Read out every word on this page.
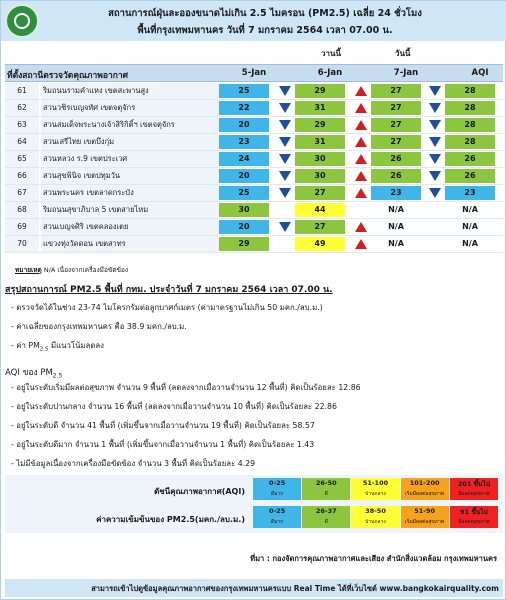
สถานการณ์ฝุ่นละอองขนาดไม่เกิน 2.5 ไมครอน (PM2.5) เฉลี่ย 24 ชั่วโมง
พื้นที่กรุงเทพมหานคร วันที่ 7 มกราคม 2564 เวลา 07.00 น.
วานนี้	วันนี้
ที่ตั้งสถานีตรวจวัดคุณภาพอากาศ	5-Jan	6-Jan	7-Jan	AQI
61	ริมถนนรามคำแหง เขตสะพานสูง	25	29	27	28
62	สวนวชิรเบญจทัศ เขตจตุจักร	22	31	27	28
63	สวนสมเด็จพระนางเจ้าสิริกิติ์ฯ เขตจตุจักร	20	29	27	28
64	สวนเสรีไทย เขตบึงกุ่ม	23	31	27	28
65	สวนหลวง ร.9 เขตประเวศ	24	30	26	26
66	สวนสุขพินิจ เขตปทุมวัน	20	30	26	26
67	สวนพระนคร เขตลาดกระบัง	25	27	23	23
68	ริมถนนสุขาภิบาล 5 เขตสายไหม	30	44	N/A	N/A
69	สวนเบญจศิริ เขตคลองเตย	20	27	N/A	N/A
70	แขวงทุ่งวัดดอน เขตสาทร	29	49	N/A	N/A
หมายเหตุ N/A เนื่องจากเครื่องมือขัดข้อง
สรุปสถานการณ์ PM2.5 พื้นที่ กทม. ประจำวันที่ 7 มกราคม 2564 เวลา 07.00 น.
- ตรวจวัดได้ในช่วง 23-74 ไมโครกรัมต่อลูกบาศก์เมตร (ค่ามาตรฐานไม่เกิน 50 มคก./ลบ.ม.)
- ค่าเฉลี่ยของกรุงเทพมหานคร คือ 38.9 มคก./ลบ.ม.
- ค่า $PM_{2.5}$ มีแนวโน้มลดลง
AQI ของ $PM_{2.5}$
- อยู่ในระดับเริ่มมีผลต่อสุขภาพ จำนวน 9 พื้นที่ (ลดลงจากเมื่อวานจำนวน 12 พื้นที่) คิดเป็นร้อยละ 12.86
- อยู่ในระดับปานกลาง จำนวน 16 พื้นที่ (ลดลงจากเมื่อวานจำนวน 10 พื้นที่) คิดเป็นร้อยละ 22.86
- อยู่ในระดับดี จำนวน 41 พื้นที่ (เพิ่มขึ้นจากเมื่อวานจำนวน 19 พื้นที่) คิดเป็นร้อยละ 58.57
- อยู่ในระดับดีมาก จำนวน 1 พื้นที่ (เพิ่มขึ้นจากเมื่อวานจำนวน 1 พื้นที่) คิดเป็นร้อยละ 1.43
- ไม่มีข้อมูลเนื่องจากเครื่องมือขัดข้อง จำนวน 3 พื้นที่ คิดเป็นร้อยละ 4.29
ดัชนีคุณภาพอากาศ(AQI)
0-25
ดีมาก
26-50
ดี
51-100
ปานกลาง
101-200
เริ่มมีผลต่อสุขภาพ
201 ขึ้นไป
มีผลต่อสุขภาพ
ค่าความเข้มข้นของ PM2.5(มคก./ลบ.ม.)
0-25
ดีมาก
26-37
ดี
38-50
ปานกลาง
51-90
เริ่มมีผลต่อสุขภาพ
91 ขึ้นไป
มีผลต่อสุขภาพ
ที่มา : กองจัดการคุณภาพอากาศและเสียง สำนักสิ่งแวดล้อม กรุงเทพมหานคร
สามารถเข้าไปดูข้อมูลคุณภาพอากาศของกรุงเทพมหานครแบบ Real Time ได้ที่เว็บไซต์ www.bangkokairquality.com
